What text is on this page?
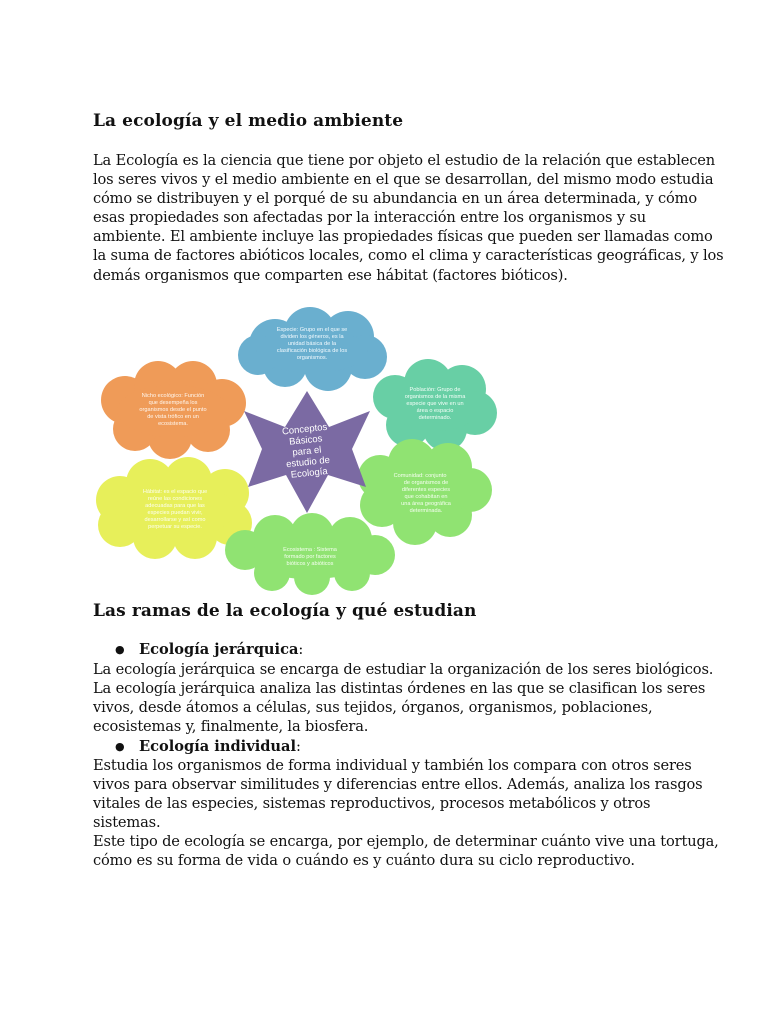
La ecología y el medio ambiente
La Ecología es la ciencia que tiene por objeto el estudio de la relación que establecen
los seres vivos y el medio ambiente en el que se desarrollan, del mismo modo estudia
cómo se distribuyen y el porqué de su abundancia en un área determinada, y cómo
esas propiedades son afectadas por la interacción entre los organismos y su
ambiente. El ambiente incluye las propiedades físicas que pueden ser llamadas como
la suma de factores abióticos locales, como el clima y características geográficas, y los
demás organismos que comparten ese hábitat (factores bióticos).
Especie: Grupo en el que se
dividen los géneros, es la
unidad básica de la
clasificación biológica de los
organismos.
Población: Grupo de
organismos de la misma
especie que vive en un
área o espacio
determinado.
Nicho ecológico: Función
que desempeña los
organismos desde el punto
de vista trófico en un
ecosistema.
Comunidad: conjunto
de organismos de
diferentes especies
que cohabitan en
una área geográfica
determinada.
Hábitat: es el espacio que
reúne las condiciones
adecuadas para que las
especies puedan vivir,
desarrollarse y así como
perpetuar su especie.
Ecosistema : Sistema
formado por factores
bióticos y abióticos
Conceptos
Básicos
para el
estudio de
Ecología
Las ramas de la ecología y qué estudian
● Ecología jerárquica:
La ecología jerárquica se encarga de estudiar la organización de los seres biológicos.
La ecología jerárquica analiza las distintas órdenes en las que se clasifican los seres
vivos, desde átomos a células, sus tejidos, órganos, organismos, poblaciones,
ecosistemas y, finalmente, la biosfera.
● Ecología individual:
Estudia los organismos de forma individual y también los compara con otros seres
vivos para observar similitudes y diferencias entre ellos. Además, analiza los rasgos
vitales de las especies, sistemas reproductivos, procesos metabólicos y otros
sistemas.
Este tipo de ecología se encarga, por ejemplo, de determinar cuánto vive una tortuga,
cómo es su forma de vida o cuándo es y cuánto dura su ciclo reproductivo.
